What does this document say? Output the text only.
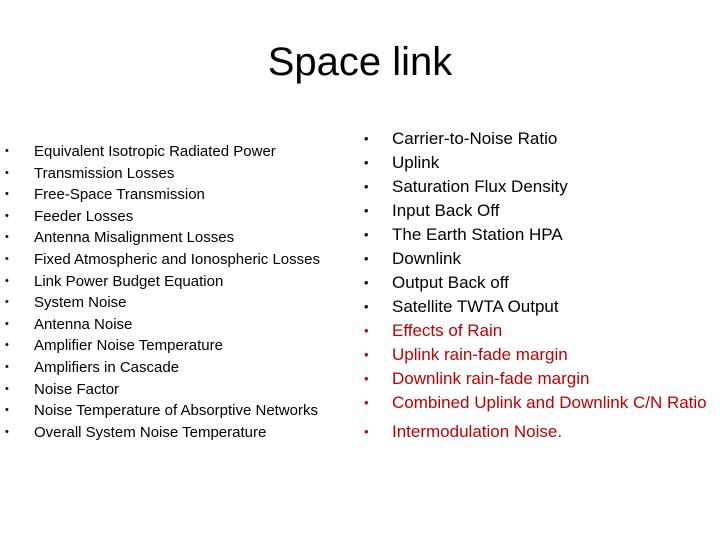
Space link
• Equivalent Isotropic Radiated Power
• Transmission Losses
• Free-Space Transmission
• Feeder Losses
• Antenna Misalignment Losses
• Fixed Atmospheric and Ionospheric Losses
• Link Power Budget Equation
• System Noise
• Antenna Noise
• Amplifier Noise Temperature
• Amplifiers in Cascade
• Noise Factor
• Noise Temperature of Absorptive Networks
• Overall System Noise Temperature
• Carrier-to-Noise Ratio
• Uplink
• Saturation Flux Density
• Input Back Off
• The Earth Station HPA
• Downlink
• Output Back off
• Satellite TWTA Output
• Effects of Rain
• Uplink rain-fade margin
• Downlink rain-fade margin
• Combined Uplink and Downlink C/N Ratio
• Intermodulation Noise.
